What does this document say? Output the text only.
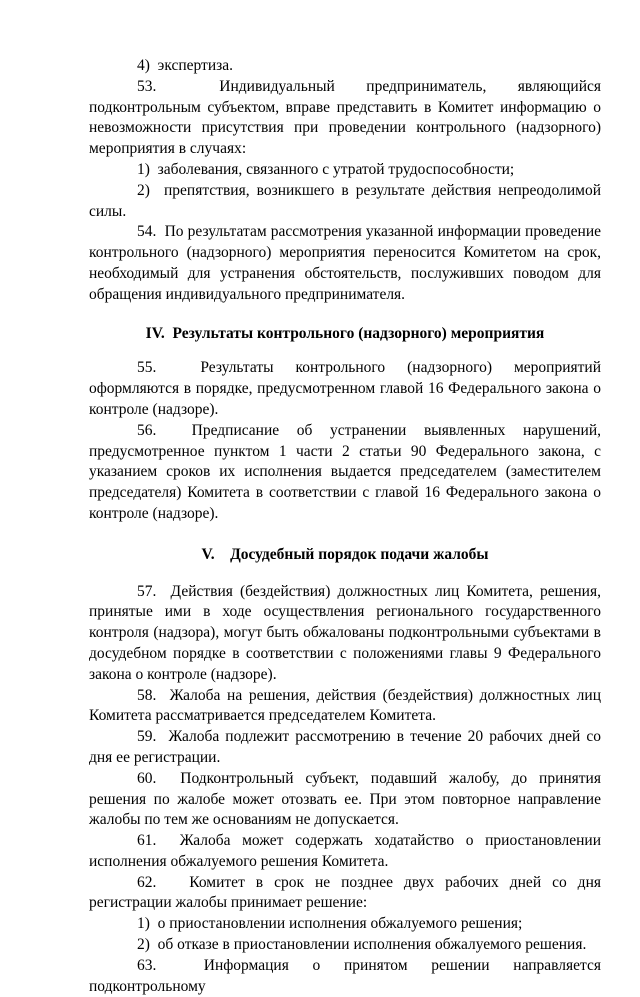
4)  экспертиза.

53.  Индивидуальный предприниматель, являющийся подконтрольным субъектом, вправе представить в Комитет информацию о невозможности присутствия при проведении контрольного (надзорного) мероприятия в случаях:

1)  заболевания, связанного с утратой трудоспособности;

2)  препятствия, возникшего в результате действия непреодолимой силы.

54.  По результатам рассмотрения указанной информации проведение контрольного (надзорного) мероприятия переносится Комитетом на срок, необходимый для устранения обстоятельств, послуживших поводом для обращения индивидуального предпринимателя.

IV.  Результаты контрольного (надзорного) мероприятия

55.  Результаты контрольного (надзорного) мероприятий оформляются в порядке, предусмотренном главой 16 Федерального закона о контроле (надзоре).

56.  Предписание об устранении выявленных нарушений, предусмотренное пунктом 1 части 2 статьи 90 Федерального закона, с указанием сроков их исполнения выдается председателем (заместителем председателя) Комитета в соответствии с главой 16 Федерального закона о контроле (надзоре).

V.    Досудебный порядок подачи жалобы

57.  Действия (бездействия) должностных лиц Комитета, решения, принятые ими в ходе осуществления регионального государственного контроля (надзора), могут быть обжалованы подконтрольными субъектами в досудебном порядке в соответствии с положениями главы 9 Федерального закона о контроле (надзоре).

58.  Жалоба на решения, действия (бездействия) должностных лиц Комитета рассматривается председателем Комитета.

59.  Жалоба подлежит рассмотрению в течение 20 рабочих дней со дня ее регистрации.

60.  Подконтрольный субъект, подавший жалобу, до принятия решения по жалобе может отозвать ее. При этом повторное направление жалобы по тем же основаниям не допускается.

61.  Жалоба может содержать ходатайство о приостановлении исполнения обжалуемого решения Комитета.

62.   Комитет в срок не позднее двух рабочих дней со дня регистрации жалобы принимает решение:

1)  о приостановлении исполнения обжалуемого решения;

2)  об отказе в приостановлении исполнения обжалуемого решения.

63.  Информация о принятом решении направляется подконтрольному
